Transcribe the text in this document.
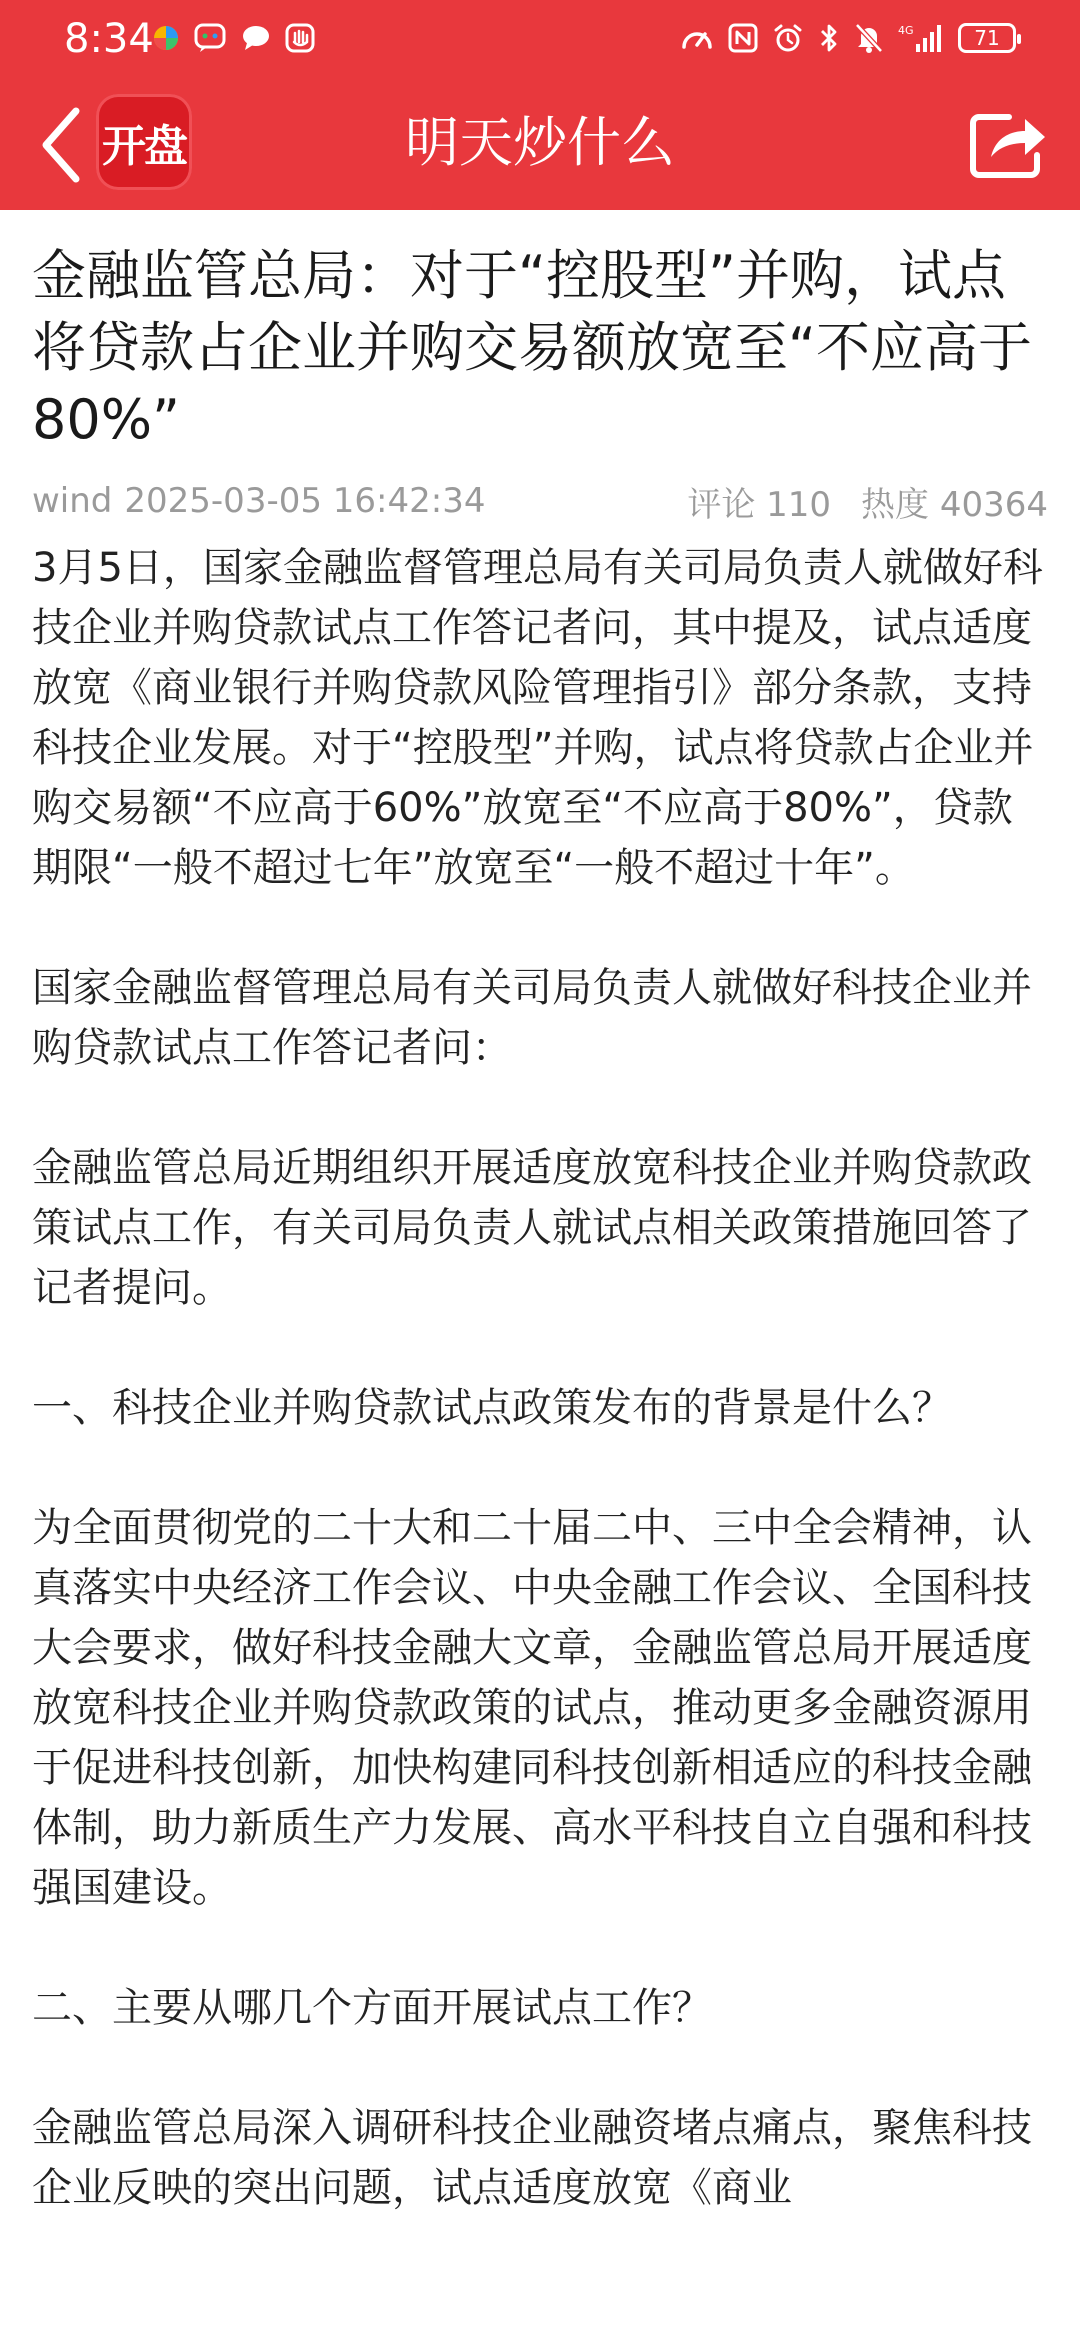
8:34	4G	71
开盘	明天炒什么
金融监管总局：对于“控股型”并购，试点将贷款占企业并购交易额放宽至“不应高于80%”
wind 2025-03-05 16:42:34	评论 110 热度 40364

3月5日，国家金融监督管理总局有关司局负责人就做好科技企业并购贷款试点工作答记者问，其中提及，试点适度放宽《商业银行并购贷款风险管理指引》部分条款，支持科技企业发展。对于“控股型”并购，试点将贷款占企业并购交易额“不应高于60%”放宽至“不应高于80%”，贷款期限“一般不超过七年”放宽至“一般不超过十年”。

国家金融监督管理总局有关司局负责人就做好科技企业并购贷款试点工作答记者问：

金融监管总局近期组织开展适度放宽科技企业并购贷款政策试点工作，有关司局负责人就试点相关政策措施回答了记者提问。

一、科技企业并购贷款试点政策发布的背景是什么？

为全面贯彻党的二十大和二十届二中、三中全会精神，认真落实中央经济工作会议、中央金融工作会议、全国科技大会要求，做好科技金融大文章，金融监管总局开展适度放宽科技企业并购贷款政策的试点，推动更多金融资源用于促进科技创新，加快构建同科技创新相适应的科技金融体制，助力新质生产力发展、高水平科技自立自强和科技强国建设。

二、主要从哪几个方面开展试点工作？

金融监管总局深入调研科技企业融资堵点痛点，聚焦科技企业反映的突出问题，试点适度放宽《商业
